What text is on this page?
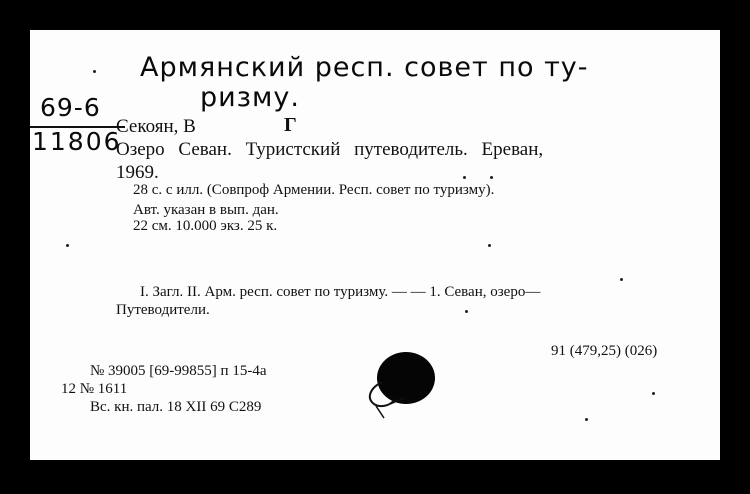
Армянский респ. совет по ту-
ризму.
69-6
11806
Секоян, В	Г
Озеро Севан. Туристский путеводитель. Ереван,
1969.
28 с. с илл. (Совпроф Армении. Респ. совет по туризму).
Авт. указан в вып. дан.
22 см. 10.000 экз. 25 к.
I. Загл. II. Арм. респ. совет по туризму. — — 1. Севан, озеро—
Путеводители.
91 (479,25) (026)
№ 39005 [69-99855] п 15-4а
12 № 1611
Вс. кн. пал. 18 XII 69 С289
